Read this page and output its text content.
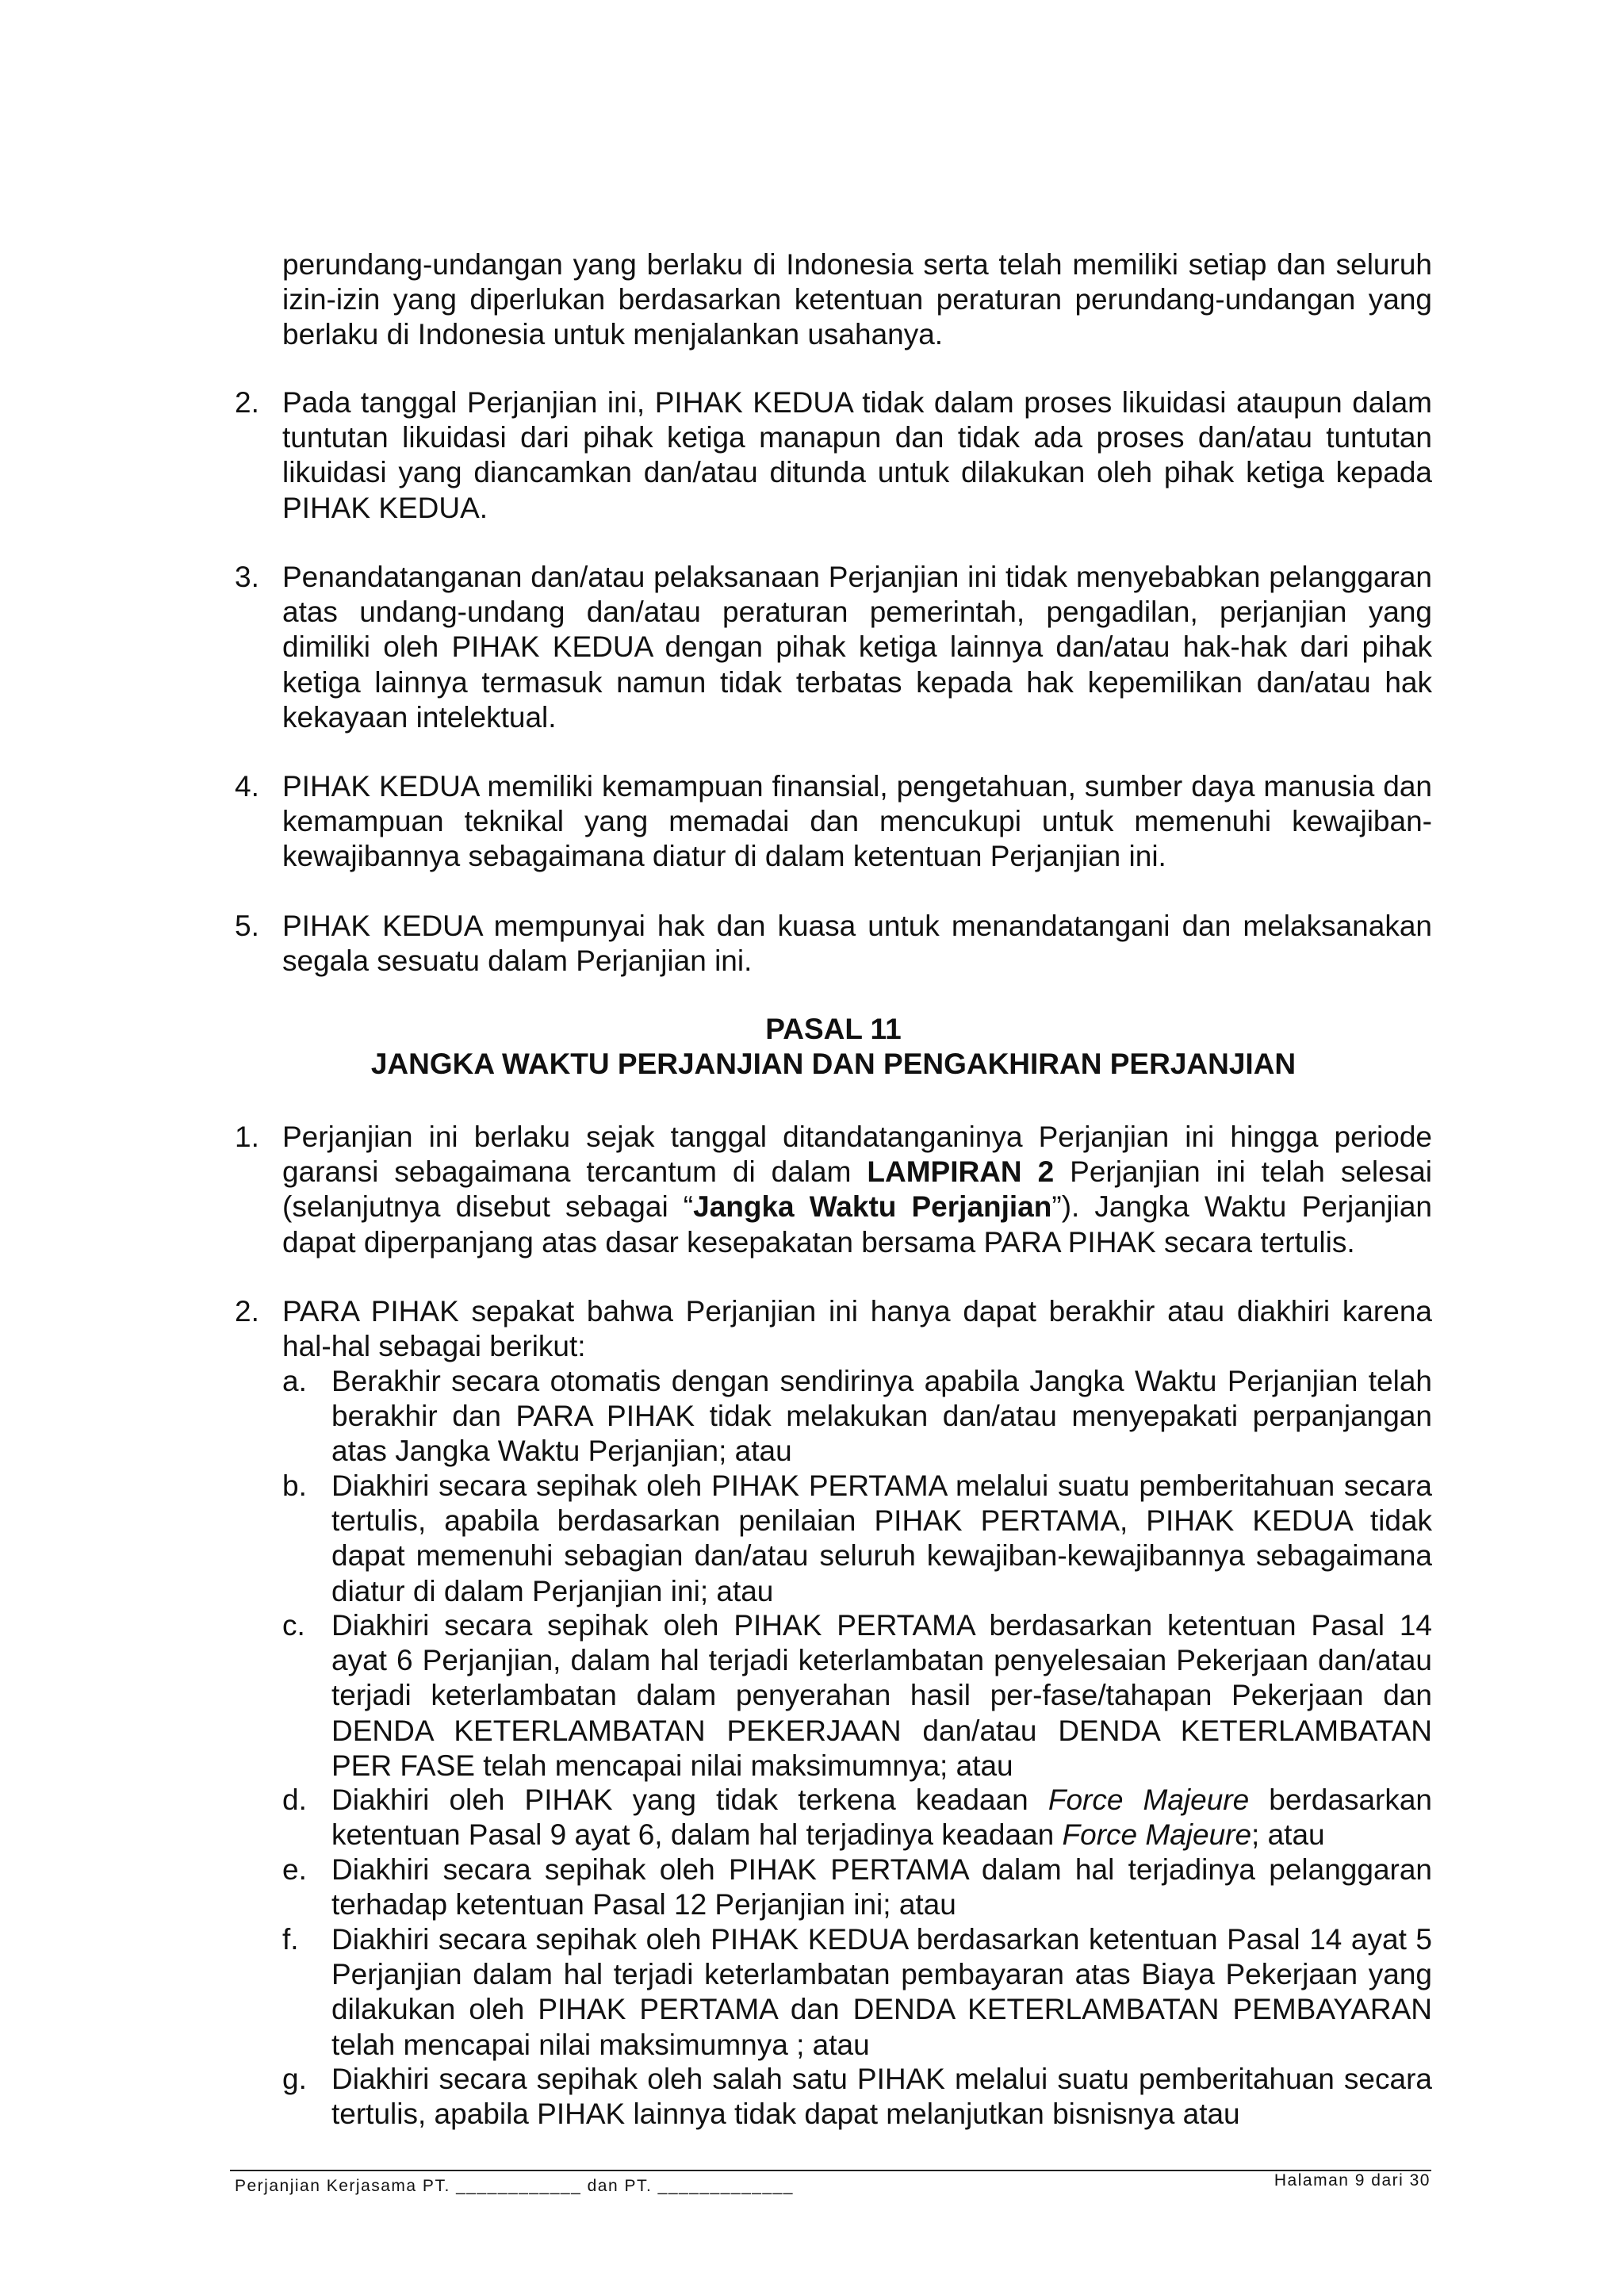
perundang-undangan yang berlaku di Indonesia serta telah memiliki setiap dan seluruh izin-izin yang diperlukan berdasarkan ketentuan peraturan perundang-undangan yang berlaku di Indonesia untuk menjalankan usahanya.
2. Pada tanggal Perjanjian ini, PIHAK KEDUA tidak dalam proses likuidasi ataupun dalam tuntutan likuidasi dari pihak ketiga manapun dan tidak ada proses dan/atau tuntutan likuidasi yang diancamkan dan/atau ditunda untuk dilakukan oleh pihak ketiga kepada PIHAK KEDUA.
3. Penandatanganan dan/atau pelaksanaan Perjanjian ini tidak menyebabkan pelanggaran atas undang-undang dan/atau peraturan pemerintah, pengadilan, perjanjian yang dimiliki oleh PIHAK KEDUA dengan pihak ketiga lainnya dan/atau hak-hak dari pihak ketiga lainnya termasuk namun tidak terbatas kepada hak kepemilikan dan/atau hak kekayaan intelektual.
4. PIHAK KEDUA memiliki kemampuan finansial, pengetahuan, sumber daya manusia dan kemampuan teknikal yang memadai dan mencukupi untuk memenuhi kewajiban-kewajibannya sebagaimana diatur di dalam ketentuan Perjanjian ini.
5. PIHAK KEDUA mempunyai hak dan kuasa untuk menandatangani dan melaksanakan segala sesuatu dalam Perjanjian ini.
PASAL 11
JANGKA WAKTU PERJANJIAN DAN PENGAKHIRAN PERJANJIAN
1. Perjanjian ini berlaku sejak tanggal ditandatanganinya Perjanjian ini hingga periode garansi sebagaimana tercantum di dalam LAMPIRAN 2 Perjanjian ini telah selesai (selanjutnya disebut sebagai “Jangka Waktu Perjanjian”). Jangka Waktu Perjanjian dapat diperpanjang atas dasar kesepakatan bersama PARA PIHAK secara tertulis.
2. PARA PIHAK sepakat bahwa Perjanjian ini hanya dapat berakhir atau diakhiri karena hal-hal sebagai berikut:
a. Berakhir secara otomatis dengan sendirinya apabila Jangka Waktu Perjanjian telah berakhir dan PARA PIHAK tidak melakukan dan/atau menyepakati perpanjangan atas Jangka Waktu Perjanjian; atau
b. Diakhiri secara sepihak oleh PIHAK PERTAMA melalui suatu pemberitahuan secara tertulis, apabila berdasarkan penilaian PIHAK PERTAMA, PIHAK KEDUA tidak dapat memenuhi sebagian dan/atau seluruh kewajiban-kewajibannya sebagaimana diatur di dalam Perjanjian ini; atau
c. Diakhiri secara sepihak oleh PIHAK PERTAMA berdasarkan ketentuan Pasal 14 ayat 6 Perjanjian, dalam hal terjadi keterlambatan penyelesaian Pekerjaan dan/atau terjadi keterlambatan dalam penyerahan hasil per-fase/tahapan Pekerjaan dan DENDA KETERLAMBATAN PEKERJAAN dan/atau DENDA KETERLAMBATAN PER FASE telah mencapai nilai maksimumnya; atau
d. Diakhiri oleh PIHAK yang tidak terkena keadaan Force Majeure berdasarkan ketentuan Pasal 9 ayat 6, dalam hal terjadinya keadaan Force Majeure; atau
e. Diakhiri secara sepihak oleh PIHAK PERTAMA dalam hal terjadinya pelanggaran terhadap ketentuan Pasal 12 Perjanjian ini; atau
f.	Diakhiri secara sepihak oleh PIHAK KEDUA berdasarkan ketentuan Pasal 14 ayat 5 Perjanjian dalam hal terjadi keterlambatan pembayaran atas Biaya Pekerjaan yang dilakukan oleh PIHAK PERTAMA dan DENDA KETERLAMBATAN PEMBAYARAN telah mencapai nilai maksimumnya ; atau
g. Diakhiri secara sepihak oleh salah satu PIHAK melalui suatu pemberitahuan secara tertulis, apabila PIHAK lainnya tidak dapat melanjutkan bisnisnya atau
Perjanjian Kerjasama PT. ____________ dan PT. _____________	Halaman 9 dari 30
